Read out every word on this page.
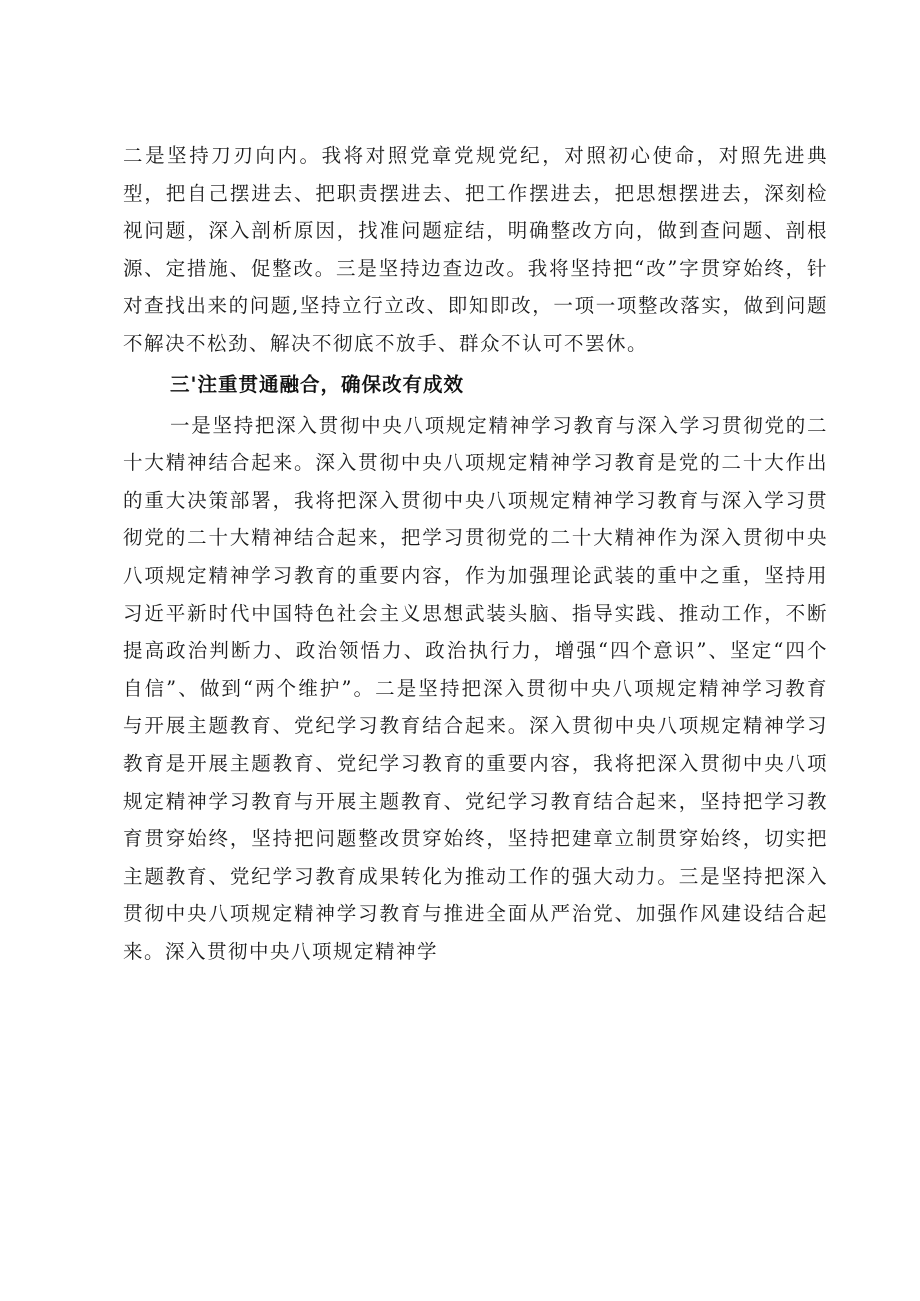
二是坚持刀刃向内。我将对照党章党规党纪，对照初心使命，对照先进典型，把自己摆进去、把职责摆进去、把工作摆进去，把思想摆进去，深刻检视问题，深入剖析原因，找准问题症结，明确整改方向，做到查问题、剖根源、定措施、促整改。三是坚持边查边改。我将坚持把“改”字贯穿始终，针对查找出来的问题,坚持立行立改、即知即改，一项一项整改落实，做到问题不解决不松劲、解决不彻底不放手、群众不认可不罢休。

三'注重贯通融合，确保改有成效

一是坚持把深入贯彻中央八项规定精神学习教育与深入学习贯彻党的二十大精神结合起来。深入贯彻中央八项规定精神学习教育是党的二十大作出的重大决策部署，我将把深入贯彻中央八项规定精神学习教育与深入学习贯彻党的二十大精神结合起来，把学习贯彻党的二十大精神作为深入贯彻中央八项规定精神学习教育的重要内容，作为加强理论武装的重中之重，坚持用习近平新时代中国特色社会主义思想武装头脑、指导实践、推动工作，不断提高政治判断力、政治领悟力、政治执行力，增强“四个意识”、坚定“四个自信”、做到“两个维护”。二是坚持把深入贯彻中央八项规定精神学习教育与开展主题教育、党纪学习教育结合起来。深入贯彻中央八项规定精神学习教育是开展主题教育、党纪学习教育的重要内容，我将把深入贯彻中央八项规定精神学习教育与开展主题教育、党纪学习教育结合起来，坚持把学习教育贯穿始终，坚持把问题整改贯穿始终，坚持把建章立制贯穿始终，切实把主题教育、党纪学习教育成果转化为推动工作的强大动力。三是坚持把深入贯彻中央八项规定精神学习教育与推进全面从严治党、加强作风建设结合起来。深入贯彻中央八项规定精神学
